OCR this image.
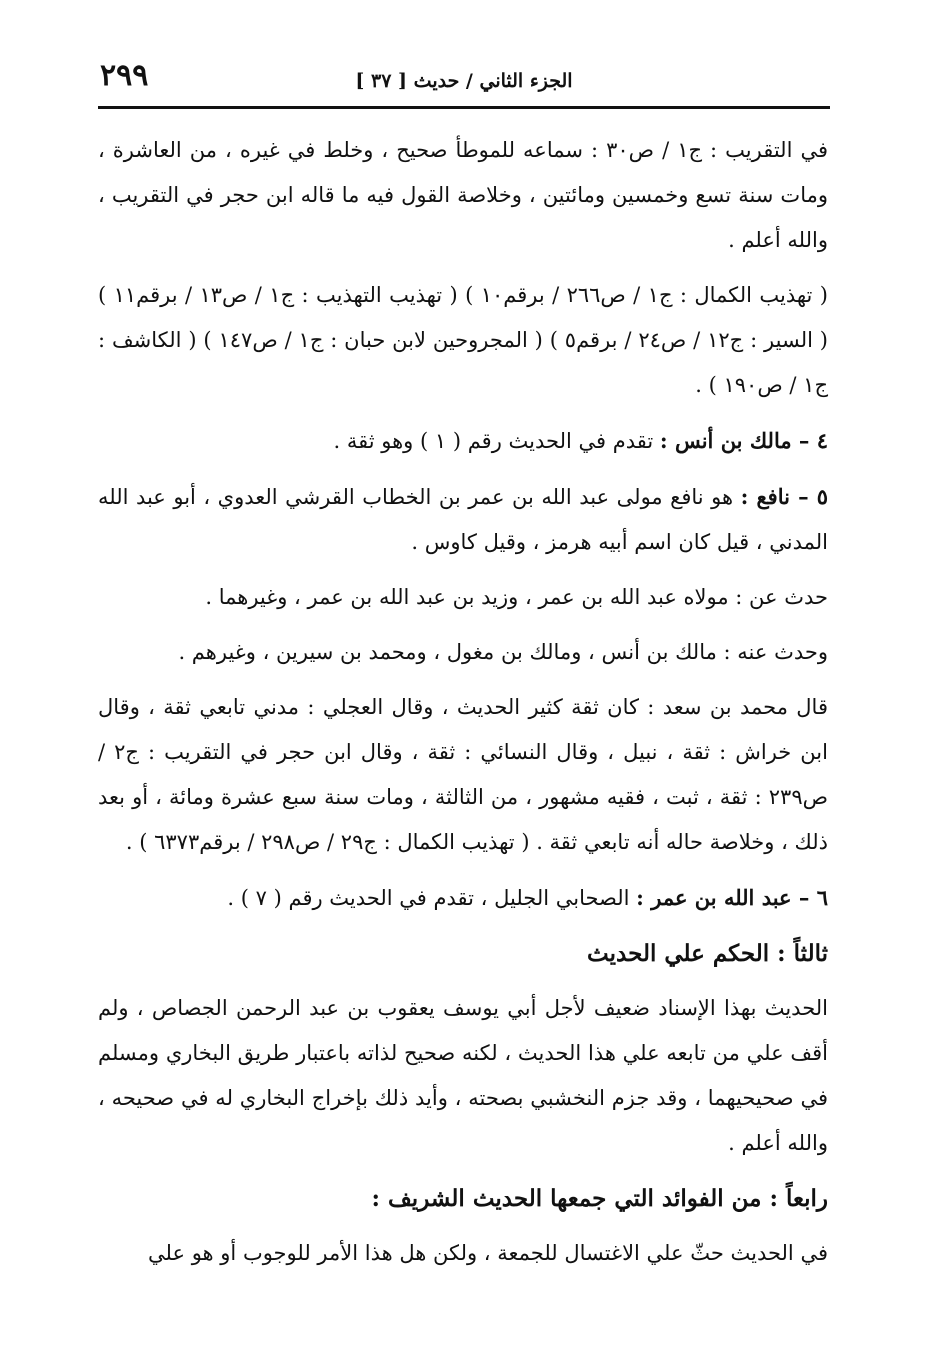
٢٩٩	الجزء الثاني / حديث [ ٣٧ ]

في التقريب : ج١ / ص٣٠ : سماعه للموطأ صحيح ، وخلط في غيره ، من العاشرة ، ومات سنة تسع وخمسين ومائتين ، وخلاصة القول فيه ما قاله ابن حجر في التقريب ، والله أعلم .

( تهذيب الكمال : ج١ / ص٢٦٦ / برقم١٠ ) ( تهذيب التهذيب : ج١ / ص١٣ / برقم١١ ) ( السير : ج١٢ / ص٢٤ / برقم٥ ) ( المجروحين لابن حبان : ج١ / ص١٤٧ ) ( الكاشف : ج١ / ص١٩٠ ) .

٤ – مالك بن أنس : تقدم في الحديث رقم ( ١ ) وهو ثقة .

٥ – نافع : هو نافع مولى عبد الله بن عمر بن الخطاب القرشي العدوي ، أبو عبد الله المدني ، قيل كان اسم أبيه هرمز ، وقيل كاوس .

حدث عن : مولاه عبد الله بن عمر ، وزيد بن عبد الله بن عمر ، وغيرهما .

وحدث عنه : مالك بن أنس ، ومالك بن مغول ، ومحمد بن سيرين ، وغيرهم .

قال محمد بن سعد : كان ثقة كثير الحديث ، وقال العجلي : مدني تابعي ثقة ، وقال ابن خراش : ثقة ، نبيل ، وقال النسائي : ثقة ، وقال ابن حجر في التقريب : ج٢ / ص٢٣٩ : ثقة ، ثبت ، فقيه مشهور ، من الثالثة ، ومات سنة سبع عشرة ومائة ، أو بعد ذلك ، وخلاصة حاله أنه تابعي ثقة . ( تهذيب الكمال : ج٢٩ / ص٢٩٨ / برقم٦٣٧٣ ) .

٦ – عبد الله بن عمر : الصحابي الجليل ، تقدم في الحديث رقم ( ٧ ) .

ثالثاً : الحكم علي الحديث

الحديث بهذا الإسناد ضعيف لأجل أبي يوسف يعقوب بن عبد الرحمن الجصاص ، ولم أقف علي من تابعه علي هذا الحديث ، لكنه صحيح لذاته باعتبار طريق البخاري ومسلم في صحيحيهما ، وقد جزم النخشبي بصحته ، وأيد ذلك بإخراج البخاري له في صحيحه ، والله أعلم .

رابعاً : من الفوائد التي جمعها الحديث الشريف :

في الحديث حثّ علي الاغتسال للجمعة ، ولكن هل هذا الأمر للوجوب أو هو علي
